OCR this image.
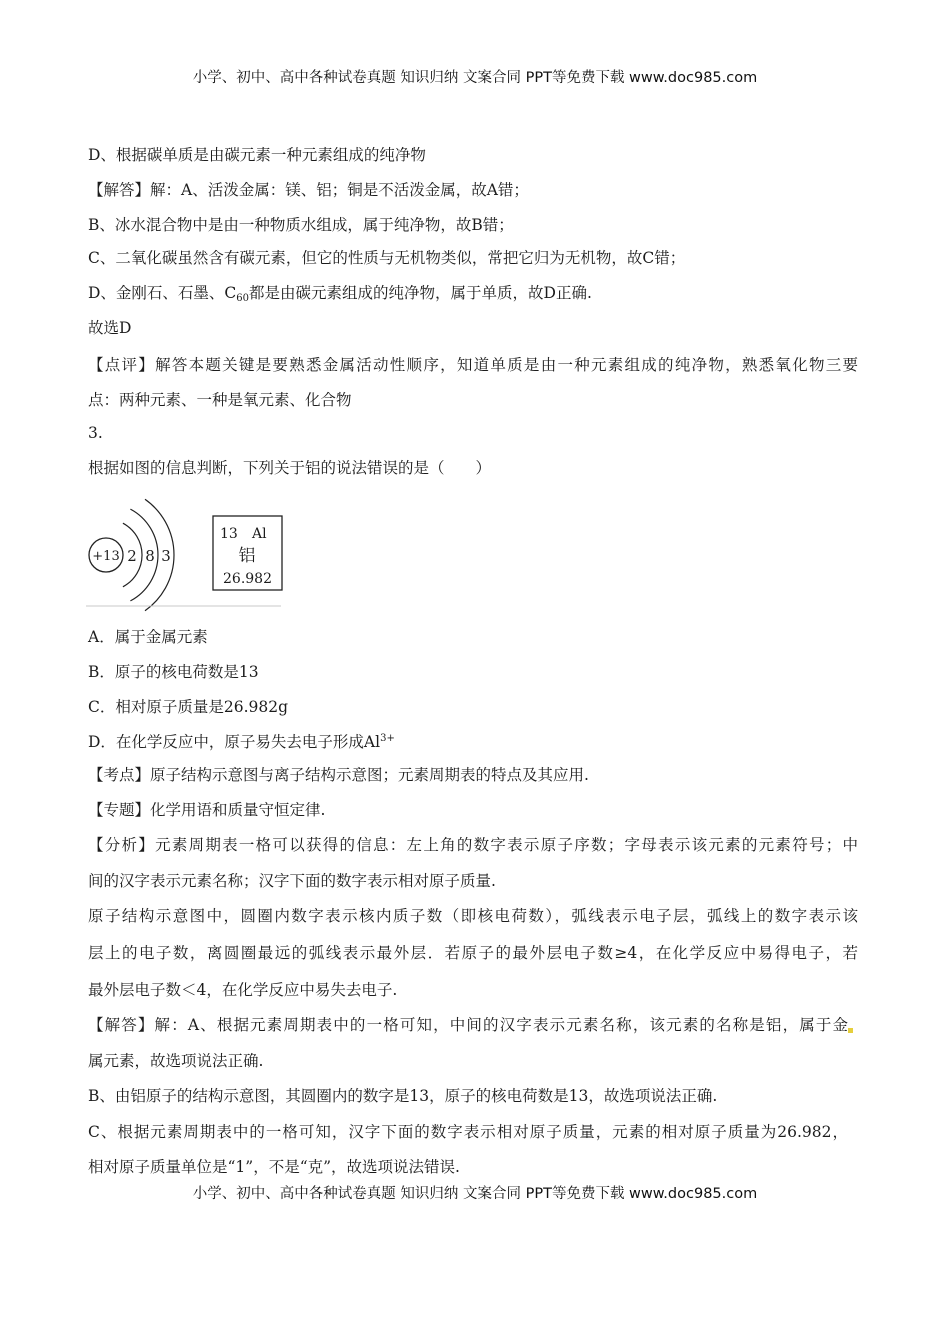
小学、初中、高中各种试卷真题 知识归纳 文案合同 PPT等免费下载 www.doc985.com
D、根据碳单质是由碳元素一种元素组成的纯净物
【解答】解：A、活泼金属：镁、铝；铜是不活泼金属，故A错；
B、冰水混合物中是由一种物质水组成，属于纯净物，故B错；
C、二氧化碳虽然含有碳元素，但它的性质与无机物类似，常把它归为无机物，故C错；
D、金刚石、石墨、$C_{60}$都是由碳元素组成的纯净物，属于单质，故D正确.
故选D
【点评】解答本题关键是要熟悉金属活动性顺序，知道单质是由一种元素组成的纯净物，熟悉氧化物三要
点：两种元素、一种是氧元素、化合物
3.
根据如图的信息判断，下列关于铝的说法错误的是（　　）
+13 2 8 3
13 Al
铝
26.982
A．属于金属元素
B．原子的核电荷数是13
C．相对原子质量是26.982g
D．在化学反应中，原子易失去电子形成$Al^{3+}$
【考点】原子结构示意图与离子结构示意图；元素周期表的特点及其应用.
【专题】化学用语和质量守恒定律.
【分析】元素周期表一格可以获得的信息：左上角的数字表示原子序数；字母表示该元素的元素符号；中
间的汉字表示元素名称；汉字下面的数字表示相对原子质量.
原子结构示意图中，圆圈内数字表示核内质子数（即核电荷数），弧线表示电子层，弧线上的数字表示该
层上的电子数，离圆圈最远的弧线表示最外层．若原子的最外层电子数≥4，在化学反应中易得电子，若
最外层电子数＜4，在化学反应中易失去电子.
【解答】解：A、根据元素周期表中的一格可知，中间的汉字表示元素名称，该元素的名称是铝，属于金
属元素，故选项说法正确.
B、由铝原子的结构示意图，其圆圈内的数字是13，原子的核电荷数是13，故选项说法正确.
C、根据元素周期表中的一格可知，汉字下面的数字表示相对原子质量，元素的相对原子质量为26.982，
相对原子质量单位是“1”，不是“克”，故选项说法错误.
小学、初中、高中各种试卷真题 知识归纳 文案合同 PPT等免费下载 www.doc985.com
